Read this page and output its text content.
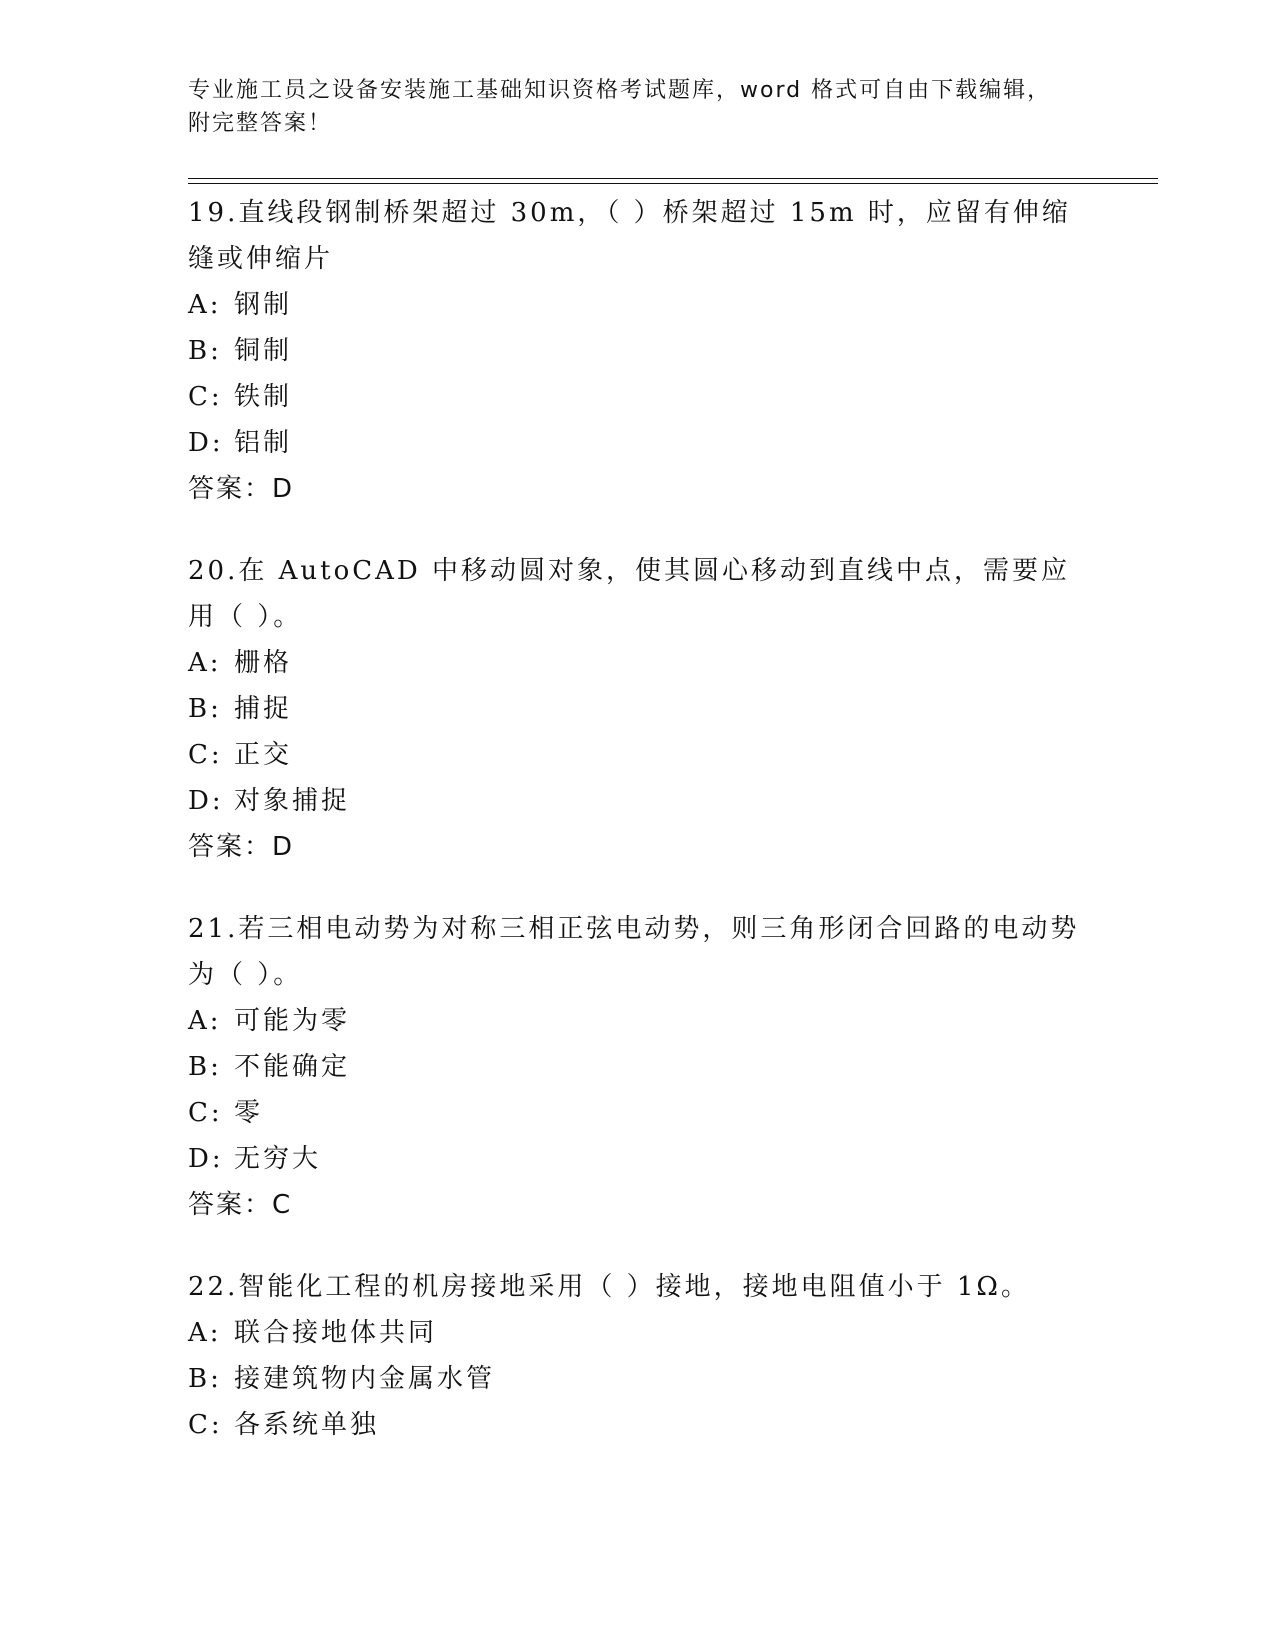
专业施工员之设备安装施工基础知识资格考试题库，word 格式可自由下载编辑，
附完整答案！

19.直线段钢制桥架超过 30m，（ ）桥架超过 15m 时，应留有伸缩缝或伸缩片

A: 钢制

B: 铜制

C: 铁制

D: 铝制

答案：D

20.在 AutoCAD 中移动圆对象，使其圆心移动到直线中点，需要应用（ ）。

A: 栅格

B: 捕捉

C: 正交

D: 对象捕捉

答案：D

21.若三相电动势为对称三相正弦电动势，则三角形闭合回路的电动势为（ ）。

A: 可能为零

B: 不能确定

C: 零

D: 无穷大

答案：C

22.智能化工程的机房接地采用（ ）接地，接地电阻值小于 1Ω。

A: 联合接地体共同

B: 接建筑物内金属水管

C: 各系统单独
